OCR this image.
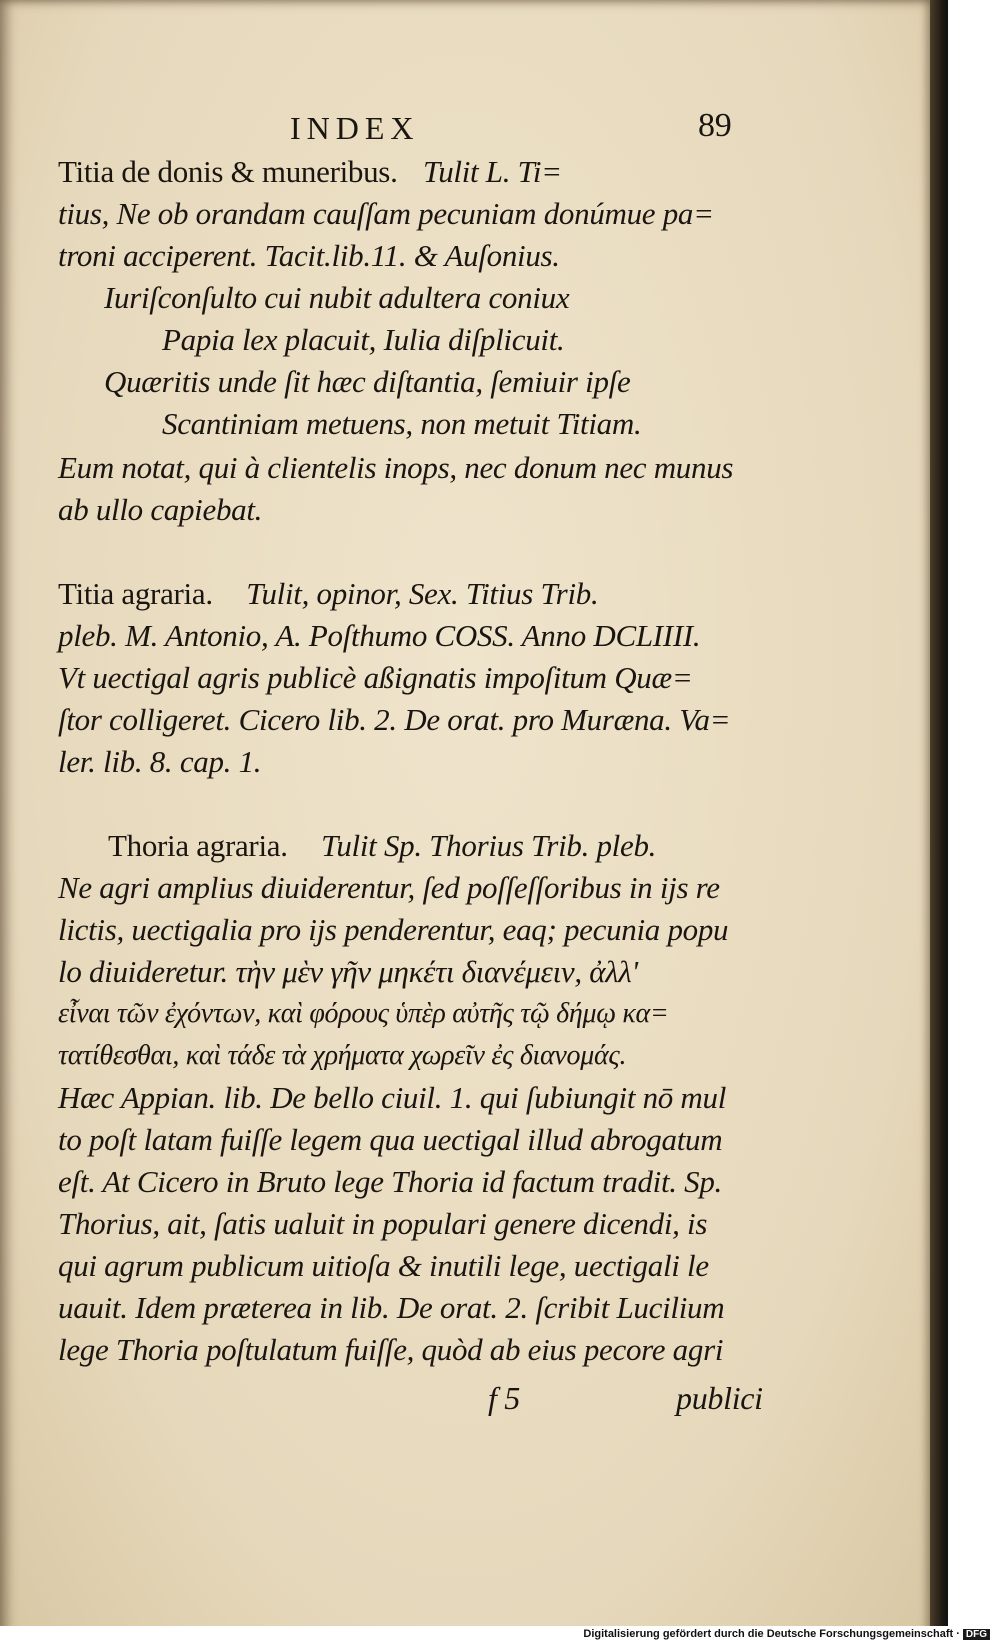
INDEX	89
Titia de donis & muneribus. Tulit L. Ti=
tius, Ne ob orandam cauſſam pecuniam donúmue pa=
troni acciperent. Tacit.lib.11. & Auſonius.
Iuriſconſulto cui nubit adultera coniux
Papia lex placuit, Iulia diſplicuit.
Quæritis unde ſit hæc diſtantia, ſemiuir ipſe
Scantiniam metuens, non metuit Titiam.
Eum notat, qui à clientelis inops, nec donum nec munus
ab ullo capiebat.
Titia agraria. Tulit, opinor, Sex. Titius Trib.
pleb. M. Antonio, A. Poſthumo COSS. Anno DCLIIII.
Vt uectigal agris publicè aßignatis impoſitum Quæ=
ſtor colligeret. Cicero lib. 2. De orat. pro Muræna. Va=
ler. lib. 8. cap. 1.
Thoria agraria. Tulit Sp. Thorius Trib. pleb.
Ne agri amplius diuiderentur, ſed poſſeſſoribus in ijs re
lictis, uectigalia pro ijs penderentur, eaq; pecunia popu
lo diuideretur. τὴν μὲν γῆν μηκέτι διανέμειν, ἀλλ'
εἶναι τῶν ἐχόντων, καὶ φόρους ὑπὲρ αὐτῆς τῷ δήμῳ κα=
τατίθεσθαι, καὶ τάδε τὰ χρήματα χωρεῖν ἐς διανομάς.
Hæc Appian. lib. De bello ciuil. 1. qui ſubiungit nō mul
to poſt latam fuiſſe legem qua uectigal illud abrogatum
eſt. At Cicero in Bruto lege Thoria id factum tradit. Sp.
Thorius, ait, ſatis ualuit in populari genere dicendi, is
qui agrum publicum uitioſa & inutili lege, uectigali le
uauit. Idem præterea in lib. De orat. 2. ſcribit Lucilium
lege Thoria poſtulatum fuiſſe, quòd ab eius pecore agri
f 5	publici
Digitalisierung gefördert durch die Deutsche Forschungsgemeinschaft · DFG
